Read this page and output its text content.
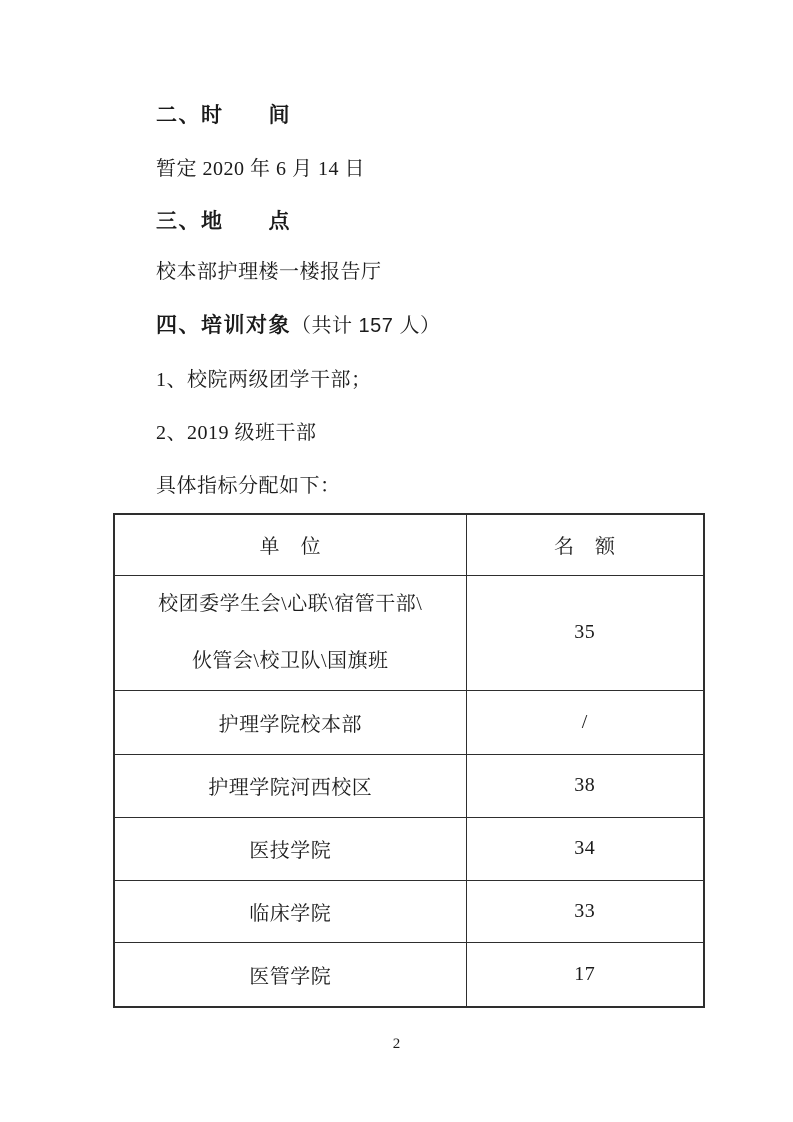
二、时　　间
暂定 2020 年 6 月 14 日
三、地　　点
校本部护理楼一楼报告厅
四、培训对象（共计 157 人）
1、校院两级团学干部；
2、2019 级班干部
具体指标分配如下：
单　位	名　额

校团委学生会\心联\宿管干部\
伙管会\校卫队\国旗班	35
护理学院校本部	/
护理学院河西校区	38
医技学院	34
临床学院	33
医管学院	17
2
